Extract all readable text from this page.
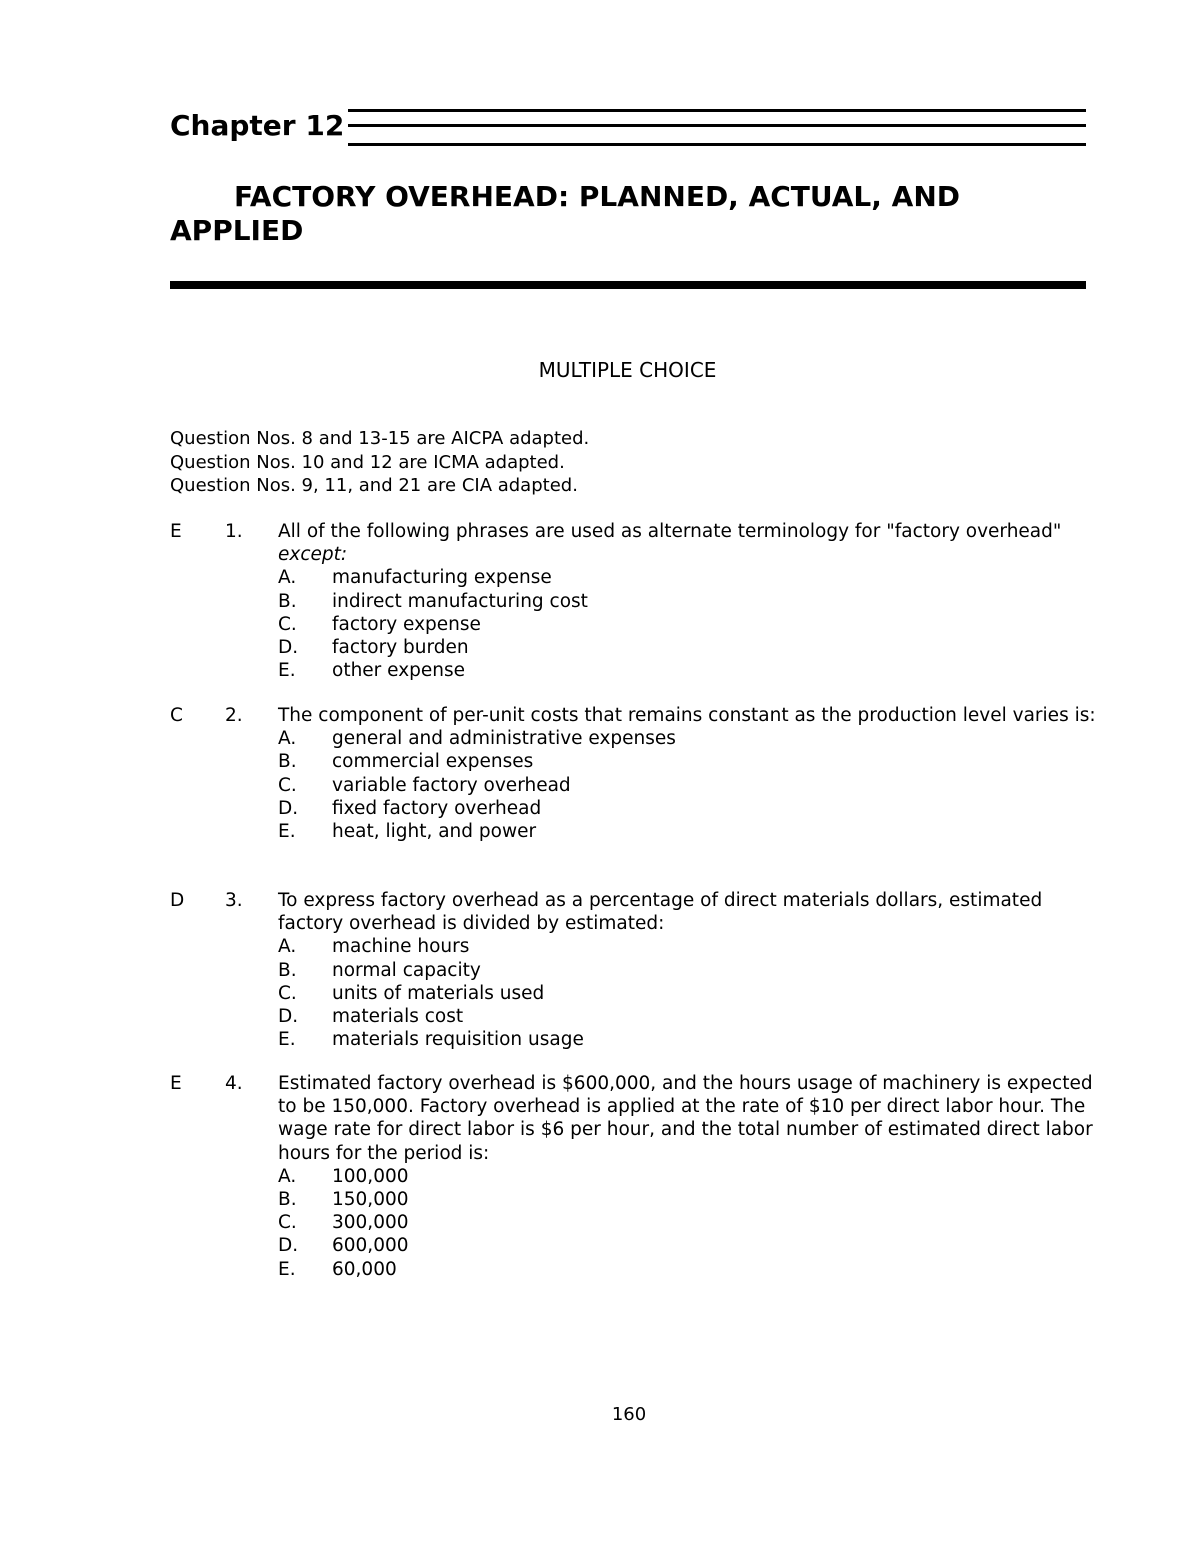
Chapter 12
FACTORY OVERHEAD: PLANNED, ACTUAL, AND APPLIED
MULTIPLE CHOICE
Question Nos. 8 and 13-15 are AICPA adapted.
Question Nos. 10 and 12 are ICMA adapted.
Question Nos. 9, 11, and 21 are CIA adapted.
E 1. All of the following phrases are used as alternate terminology for "factory overhead" except:
A. manufacturing expense
B. indirect manufacturing cost
C. factory expense
D. factory burden
E. other expense
C 2. The component of per-unit costs that remains constant as the production level varies is:
A. general and administrative expenses
B. commercial expenses
C. variable factory overhead
D. fixed factory overhead
E. heat, light, and power
D 3. To express factory overhead as a percentage of direct materials dollars, estimated factory overhead is divided by estimated:
A. machine hours
B. normal capacity
C. units of materials used
D. materials cost
E. materials requisition usage
E 4. Estimated factory overhead is $600,000, and the hours usage of machinery is expected to be 150,000. Factory overhead is applied at the rate of $10 per direct labor hour. The wage rate for direct labor is $6 per hour, and the total number of estimated direct labor hours for the period is:
A. 100,000
B. 150,000
C. 300,000
D. 600,000
E. 60,000
160
